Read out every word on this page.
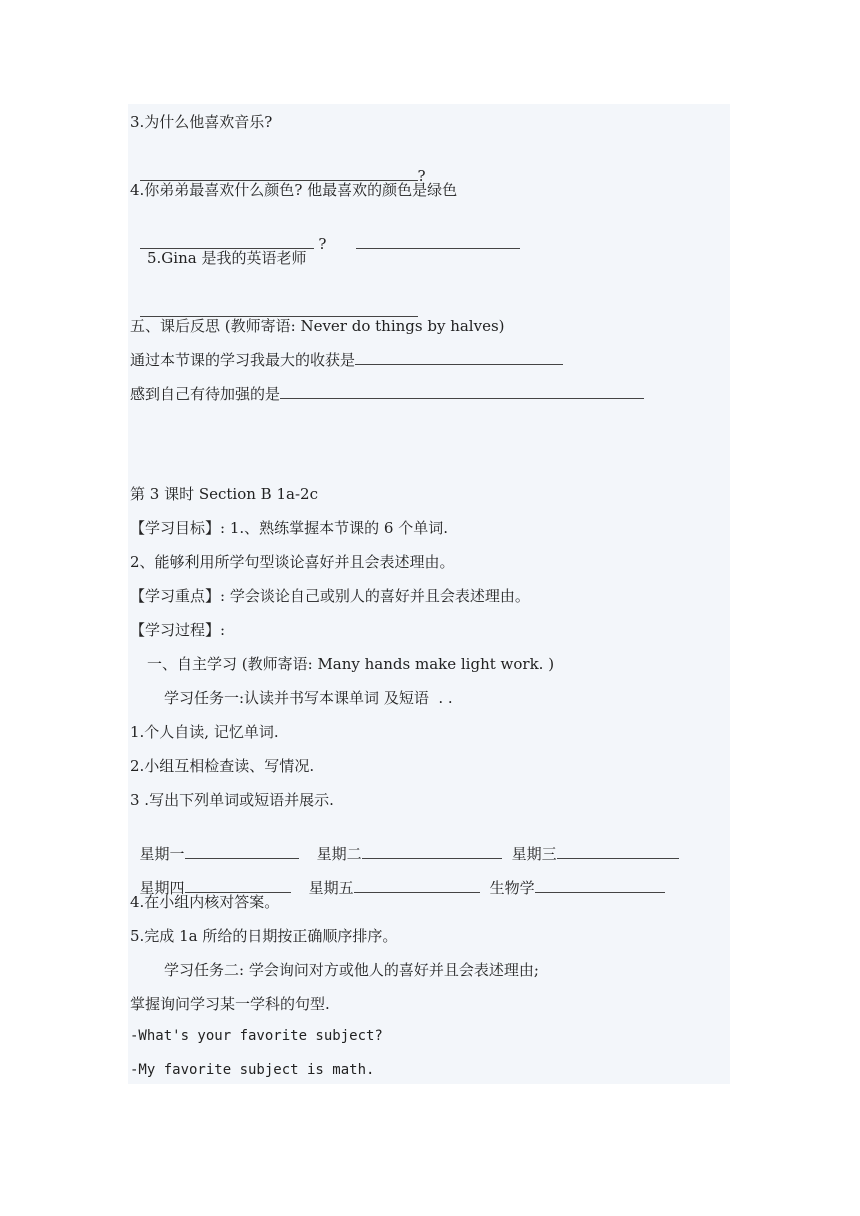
3.为什么他喜欢音乐?

?

4.你弟弟最喜欢什么颜色? 他最喜欢的颜色是绿色

?

5.Gina 是我的英语老师

五、课后反思 (教师寄语: Never do things by halves)
通过本节课的学习我最大的收获是
感到自己有待加强的是
第 3 课时 Section B 1a-2c
【学习目标】: 1.、熟练掌握本节课的 6 个单词.
2、能够利用所学句型谈论喜好并且会表述理由。
【学习重点】: 学会谈论自己或别人的喜好并且会表述理由。
【学习过程】:
一、自主学习 (教师寄语: Many hands make light work. )
学习任务一:认读并书写本课单词 及短语  . .
1.个人自读, 记忆单词.
2.小组互相检查读、写情况.
3 .写出下列单词或短语并展示.

星期一	星期二	星期三

星期四	星期五	生物学

4.在小组内核对答案。
5.完成 1a 所给的日期按正确顺序排序。
学习任务二: 学会询问对方或他人的喜好并且会表述理由;
掌握询问学习某一学科的句型.
-What's your favorite subject?
-My favorite subject is math.
